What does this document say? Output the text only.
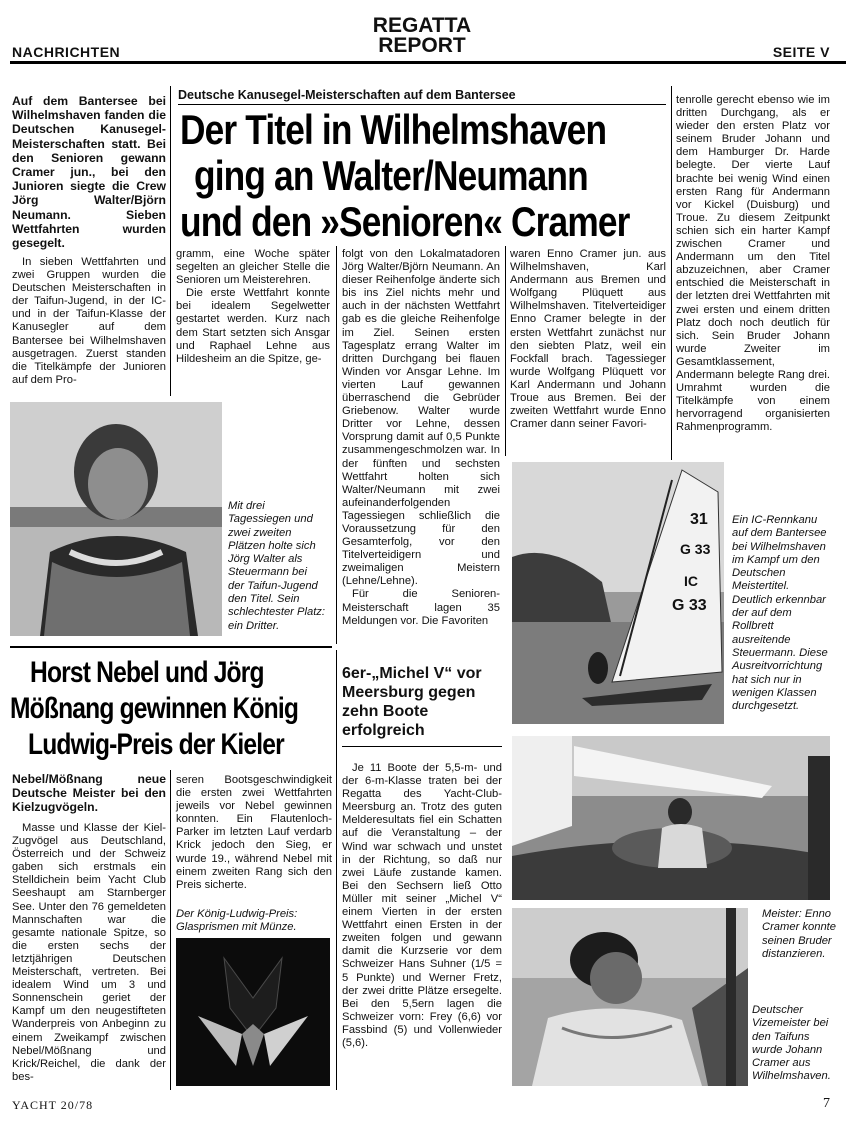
NACHRICHTEN
REGATTA
REPORT	SEITE V
Auf dem Bantersee bei Wilhelmshaven fanden die Deutschen Kanusegel-Meisterschaften statt. Bei den Senioren gewann Cramer jun., bei den Junioren siegte die Crew Jörg Walter/Björn Neumann. Sieben Wettfahrten wurden gesegelt.

In sieben Wettfahrten und zwei Gruppen wurden die Deutschen Meisterschaften in der Taifun-Jugend, in der IC- und in der Taifun-Klasse der Kanusegler auf dem Bantersee bei Wilhelmshaven ausgetragen. Zuerst standen die Titelkämpfe der Junioren auf dem Pro-

Deutsche Kanusegel-Meisterschaften auf dem Bantersee
Der Titel in Wilhelmshaven
ging an Walter/Neumann
und den »Senioren« Cramer

gramm, eine Woche später segelten an gleicher Stelle die Senioren um Meisterehren.

Die erste Wettfahrt konnte bei idealem Segelwetter gestartet werden. Kurz nach dem Start setzten sich Ansgar und Raphael Lehne aus Hildesheim an die Spitze, ge-

folgt von den Lokalmatadoren Jörg Walter/Björn Neumann. An dieser Reihenfolge änderte sich bis ins Ziel nichts mehr und auch in der nächsten Wettfahrt gab es die gleiche Reihenfolge im Ziel. Seinen ersten Tagesplatz errang Walter im dritten Durchgang bei flauen Winden vor Ansgar Lehne. Im vierten Lauf gewannen überraschend die Gebrüder Griebenow. Walter wurde Dritter vor Lehne, dessen Vorsprung damit auf 0,5 Punkte zusammengeschmolzen war. In der fünften und sechsten Wettfahrt holten sich Walter/Neumann mit zwei aufeinanderfolgenden Tagessiegen schließlich die Voraussetzung für den Gesamterfolg, vor den Titelverteidigern und zweimaligen Meistern (Lehne/Lehne).

Für die Senioren-Meisterschaft lagen 35 Meldungen vor. Die Favoriten

waren Enno Cramer jun. aus Wilhelmshaven, Karl Andermann aus Bremen und Wolfgang Plüquett aus Wilhelmshaven. Titelverteidiger Enno Cramer belegte in der ersten Wettfahrt zunächst nur den siebten Platz, weil ein Fockfall brach. Tagessieger wurde Wolfgang Plüquett vor Karl Andermann und Johann Troue aus Bremen. Bei der zweiten Wettfahrt wurde Enno Cramer dann seiner Favori-

tenrolle gerecht ebenso wie im dritten Durchgang, als er wieder den ersten Platz vor seinem Bruder Johann und dem Hamburger Dr. Harde belegte. Der vierte Lauf brachte bei wenig Wind einen ersten Rang für Andermann vor Kickel (Duisburg) und Troue. Zu diesem Zeitpunkt schien sich ein harter Kampf zwischen Cramer und Andermann um den Titel abzuzeichnen, aber Cramer entschied die Meisterschaft in der letzten drei Wettfahrten mit zwei ersten und einem dritten Platz doch noch deutlich für sich. Sein Bruder Johann wurde Zweiter im Gesamtklassement, Andermann belegte Rang drei. Umrahmt wurden die Titelkämpfe von einem hervorragend organisierten Rahmenprogramm.

Mit drei Tagessiegen und zwei zweiten Plätzen holte sich Jörg Walter als Steuermann bei der Taifun-Jugend den Titel. Sein schlechtester Platz: ein Dritter.
31
G 33
IC
G 33
Ein IC-Rennkanu auf dem Bantersee bei Wilhelmshaven im Kampf um den Deutschen Meistertitel. Deutlich erkennbar der auf dem Rollbrett ausreitende Steuermann. Diese Ausreitvorrichtung hat sich nur in wenigen Klassen durchgesetzt.
Horst Nebel und Jörg
Mößnang gewinnen König
Ludwig-Preis der Kieler
Nebel/Mößnang neue Deutsche Meister bei den Kielzugvögeln.

Masse und Klasse der Kiel-Zugvögel aus Deutschland, Österreich und der Schweiz gaben sich erstmals ein Stelldichein beim Yacht Club Seeshaupt am Starnberger See. Unter den 76 gemeldeten Mannschaften war die gesamte nationale Spitze, so die ersten sechs der letztjährigen Deutschen Meisterschaft, vertreten. Bei idealem Wind um 3 und Sonnenschein geriet der Kampf um den neugestifteten Wanderpreis von Anbeginn zu einem Zweikampf zwischen Nebel/Mößnang und Krick/Reichel, die dank der bes-

seren Bootsgeschwindigkeit die ersten zwei Wettfahrten jeweils vor Nebel gewinnen konnten. Ein Flautenloch-Parker im letzten Lauf verdarb Krick jedoch den Sieg, er wurde 19., während Nebel mit einem zweiten Rang sich den Preis sicherte.

Der König-Ludwig-Preis: Glasprismen mit Münze.
6er-„Michel V“ vor Meersburg gegen zehn Boote erfolgreich

Je 11 Boote der 5,5-m- und der 6-m-Klasse traten bei der Regatta des Yacht-Club-Meersburg an. Trotz des guten Melderesultats fiel ein Schatten auf die Veranstaltung – der Wind war schwach und unstet in der Richtung, so daß nur zwei Läufe zustande kamen. Bei den Sechsern ließ Otto Müller mit seiner „Michel V“ einem Vierten in der ersten Wettfahrt einen Ersten in der zweiten folgen und gewann damit die Kurzserie vor dem Schweizer Hans Suhner (1/5 = 5 Punkte) und Werner Fretz, der zwei dritte Plätze ersegelte. Bei den 5,5ern lagen die Schweizer vorn: Frey (6,6) vor Fassbind (5) und Vollenwieder (5,6).

Meister: Enno Cramer konnte seinen Bruder distanzieren.
Deutscher Vizemeister bei den Taifuns wurde Johann Cramer aus Wilhelmshaven.
YACHT 20/78	7
